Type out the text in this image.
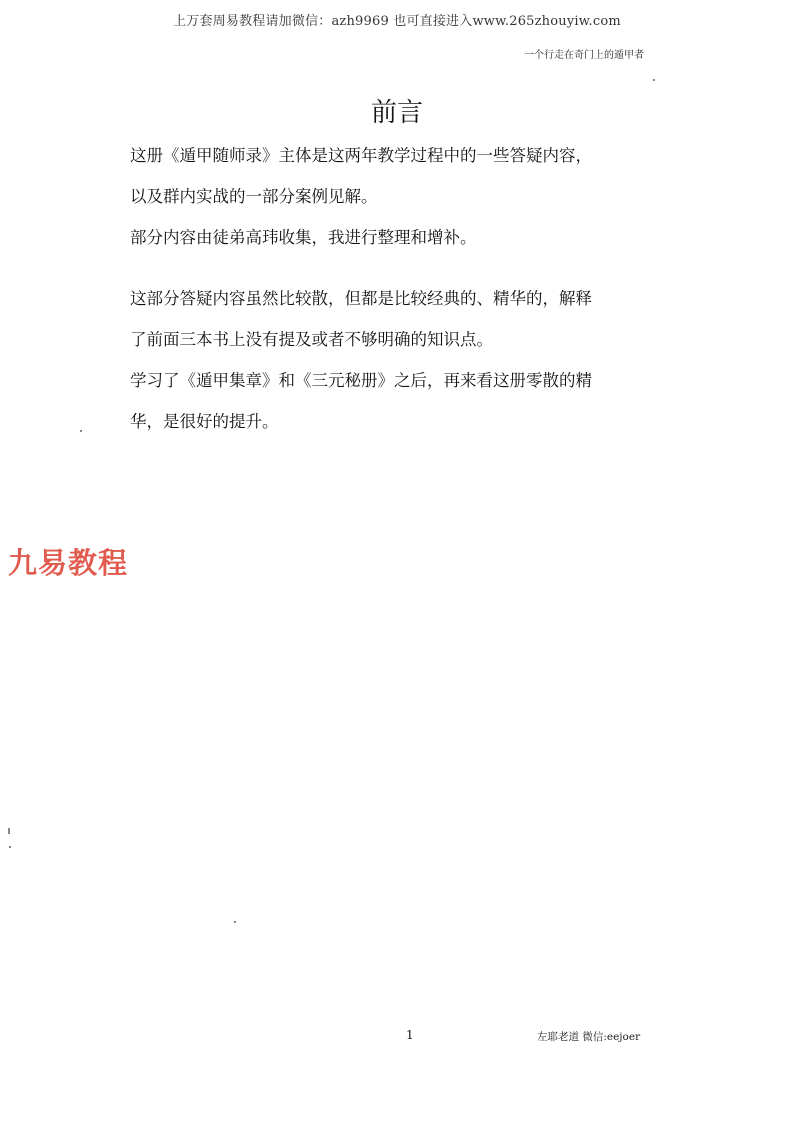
上万套周易教程请加微信：azh9969 也可直接进入www.265zhouyiw.com
一个行走在奇门上的遁甲者
前言

这册《遁甲随师录》主体是这两年教学过程中的一些答疑内容，

以及群内实战的一部分案例见解。

部分内容由徒弟高玮收集，我进行整理和增补。

这部分答疑内容虽然比较散，但都是比较经典的、精华的，解释

了前面三本书上没有提及或者不够明确的知识点。

学习了《遁甲集章》和《三元秘册》之后，再来看这册零散的精

华，是很好的提升。

九易教程
1	左耶老道 微信:eejoer
